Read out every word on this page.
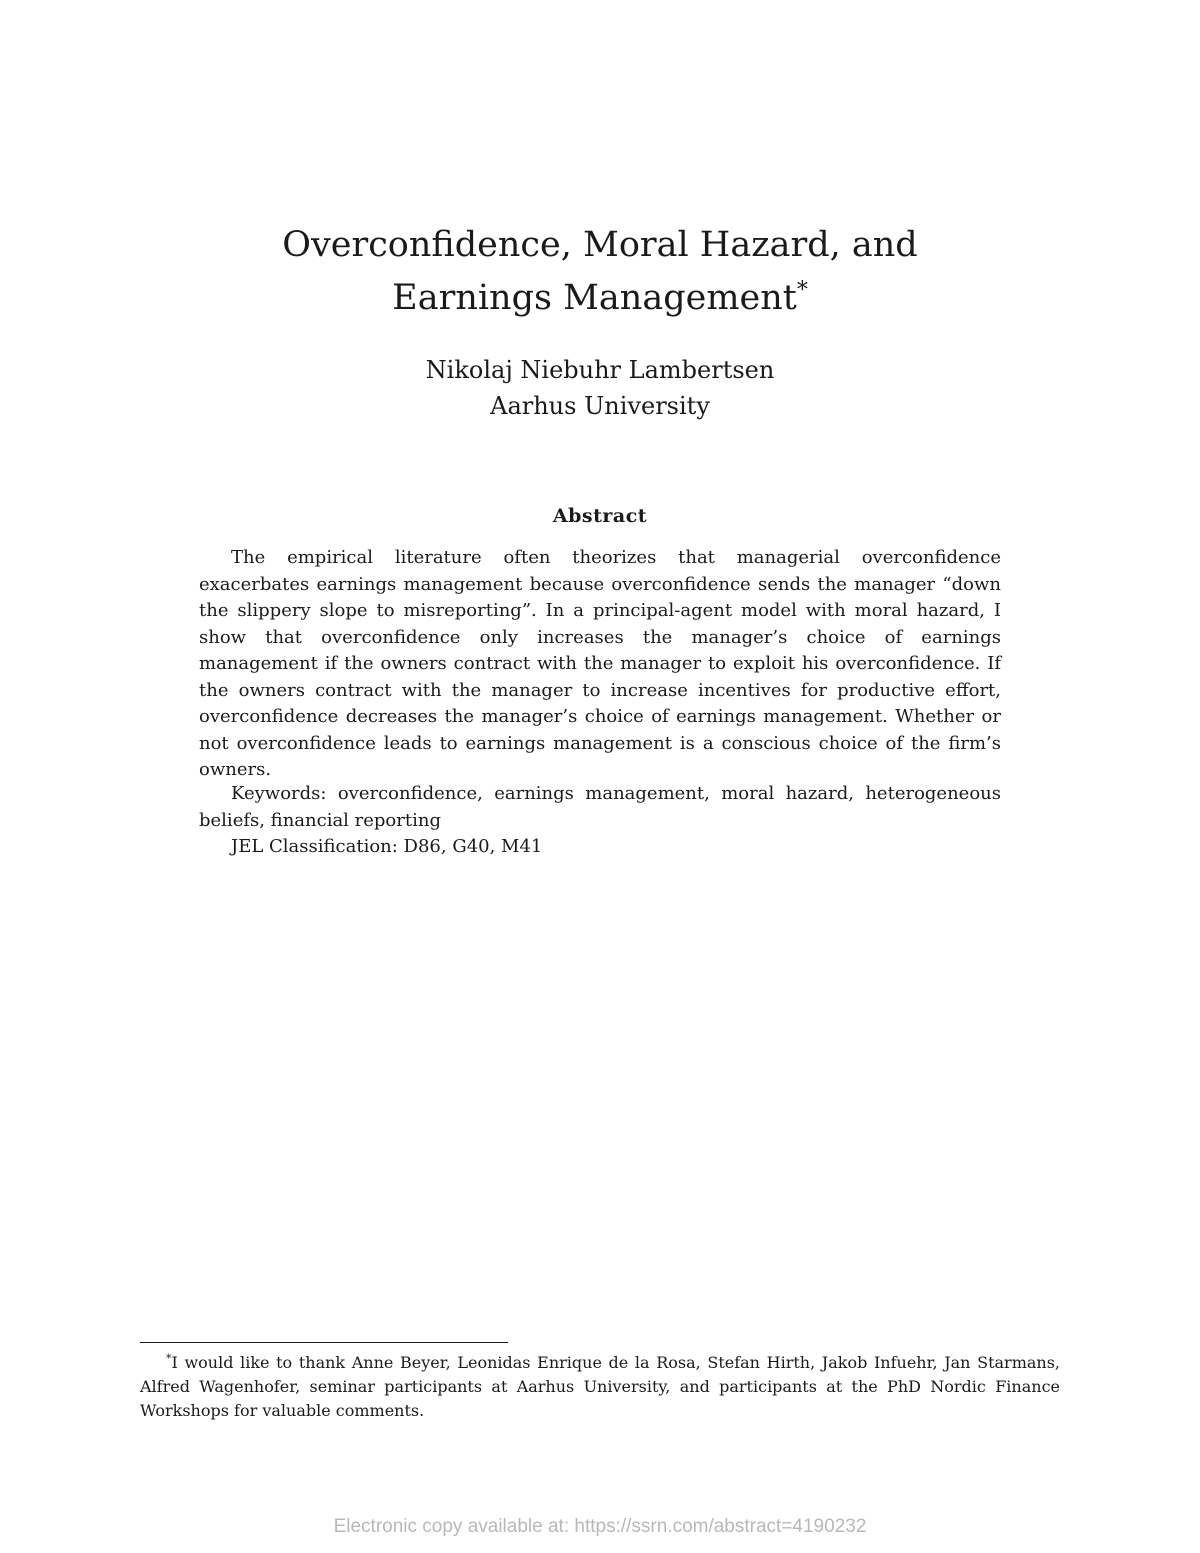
Overconfidence, Moral Hazard, and Earnings Management*
Nikolaj Niebuhr Lambertsen
Aarhus University
Abstract

The empirical literature often theorizes that managerial overconfidence exacerbates earnings management because overconfidence sends the manager “down the slippery slope to misreporting”. In a principal-agent model with moral hazard, I show that overconfidence only increases the manager’s choice of earnings management if the owners contract with the manager to exploit his overconfidence. If the owners contract with the manager to increase incentives for productive effort, overconfidence decreases the manager’s choice of earnings management. Whether or not overconfidence leads to earnings management is a conscious choice of the firm’s owners.

Keywords: overconfidence, earnings management, moral hazard, heterogeneous beliefs, financial reporting

JEL Classification: D86, G40, M41

*I would like to thank Anne Beyer, Leonidas Enrique de la Rosa, Stefan Hirth, Jakob Infuehr, Jan Starmans, Alfred Wagenhofer, seminar participants at Aarhus University, and participants at the PhD Nordic Finance Workshops for valuable comments.

Electronic copy available at: https://ssrn.com/abstract=4190232
